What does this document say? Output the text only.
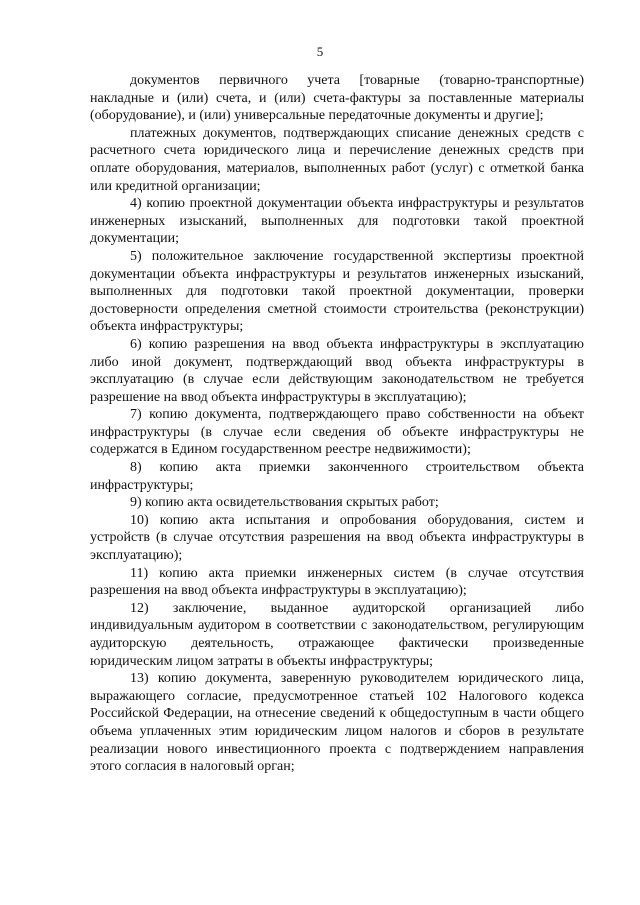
5

документов первичного учета [товарные (товарно-транспортные) накладные и (или) счета, и (или) счета-фактуры за поставленные материалы (оборудование), и (или) универсальные передаточные документы и другие];

платежных документов, подтверждающих списание денежных средств с расчетного счета юридического лица и перечисление денежных средств при оплате оборудования, материалов, выполненных работ (услуг) с отметкой банка или кредитной организации;

4) копию проектной документации объекта инфраструктуры и результатов инженерных изысканий, выполненных для подготовки такой проектной документации;

5) положительное заключение государственной экспертизы проектной документации объекта инфраструктуры и результатов инженерных изысканий, выполненных для подготовки такой проектной документации, проверки достоверности определения сметной стоимости строительства (реконструкции) объекта инфраструктуры;

6) копию разрешения на ввод объекта инфраструктуры в эксплуатацию либо иной документ, подтверждающий ввод объекта инфраструктуры в эксплуатацию (в случае если действующим законодательством не требуется разрешение на ввод объекта инфраструктуры в эксплуатацию);

7) копию документа, подтверждающего право собственности на объект инфраструктуры (в случае если сведения об объекте инфраструктуры не содержатся в Едином государственном реестре недвижимости);

8) копию акта приемки законченного строительством объекта инфраструктуры;

9) копию акта освидетельствования скрытых работ;

10) копию акта испытания и опробования оборудования, систем и устройств (в случае отсутствия разрешения на ввод объекта инфраструктуры в эксплуатацию);

11) копию акта приемки инженерных систем (в случае отсутствия разрешения на ввод объекта инфраструктуры в эксплуатацию);

12) заключение, выданное аудиторской организацией либо индивидуальным аудитором в соответствии с законодательством, регулирующим аудиторскую деятельность, отражающее фактически произведенные юридическим лицом затраты в объекты инфраструктуры;

13) копию документа, заверенную руководителем юридического лица, выражающего согласие, предусмотренное статьей 102 Налогового кодекса Российской Федерации, на отнесение сведений к общедоступным в части общего объема уплаченных этим юридическим лицом налогов и сборов в результате реализации нового инвестиционного проекта с подтверждением направления этого согласия в налоговый орган;
